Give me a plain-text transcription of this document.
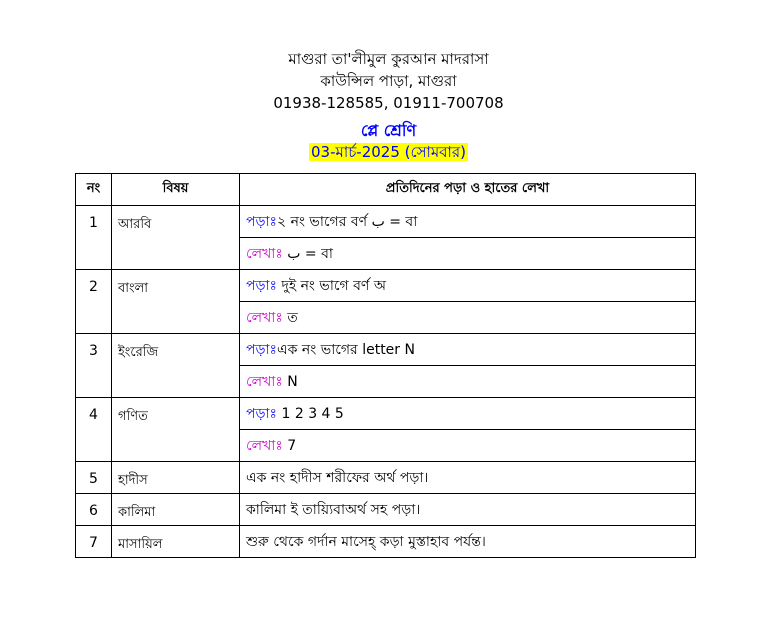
মাগুরা তা'লীমুল কুরআন মাদরাসা
কাউন্সিল পাড়া, মাগুরা
01938-128585, 01911-700708
প্লে শ্রেণি
03-মার্চ-2025 (সোমবার)
নং	বিষয়	প্রতিদিনের পড়া ও হাতের লেখা
1	আরবি	পড়াঃ২ নং ভাগের বর্ণ ب = বা
		লেখাঃ ب = বা
2	বাংলা	পড়াঃ দুই নং ভাগে বর্ণ অ
		লেখাঃ ত
3	ইংরেজি	পড়াঃএক নং ভাগের letter N
		লেখাঃ N
4	গণিত	পড়াঃ 1 2 3 4 5
		লেখাঃ 7
5	হাদীস	এক নং হাদীস শরীফের অর্থ পড়া।
6	কালিমা	কালিমা ই তায়্যিবাঅর্থ সহ পড়া।
7	মাসায়িল	শুরু থেকে গর্দান মাসেহ্ কড়া মুস্তাহাব পর্যন্ত।
